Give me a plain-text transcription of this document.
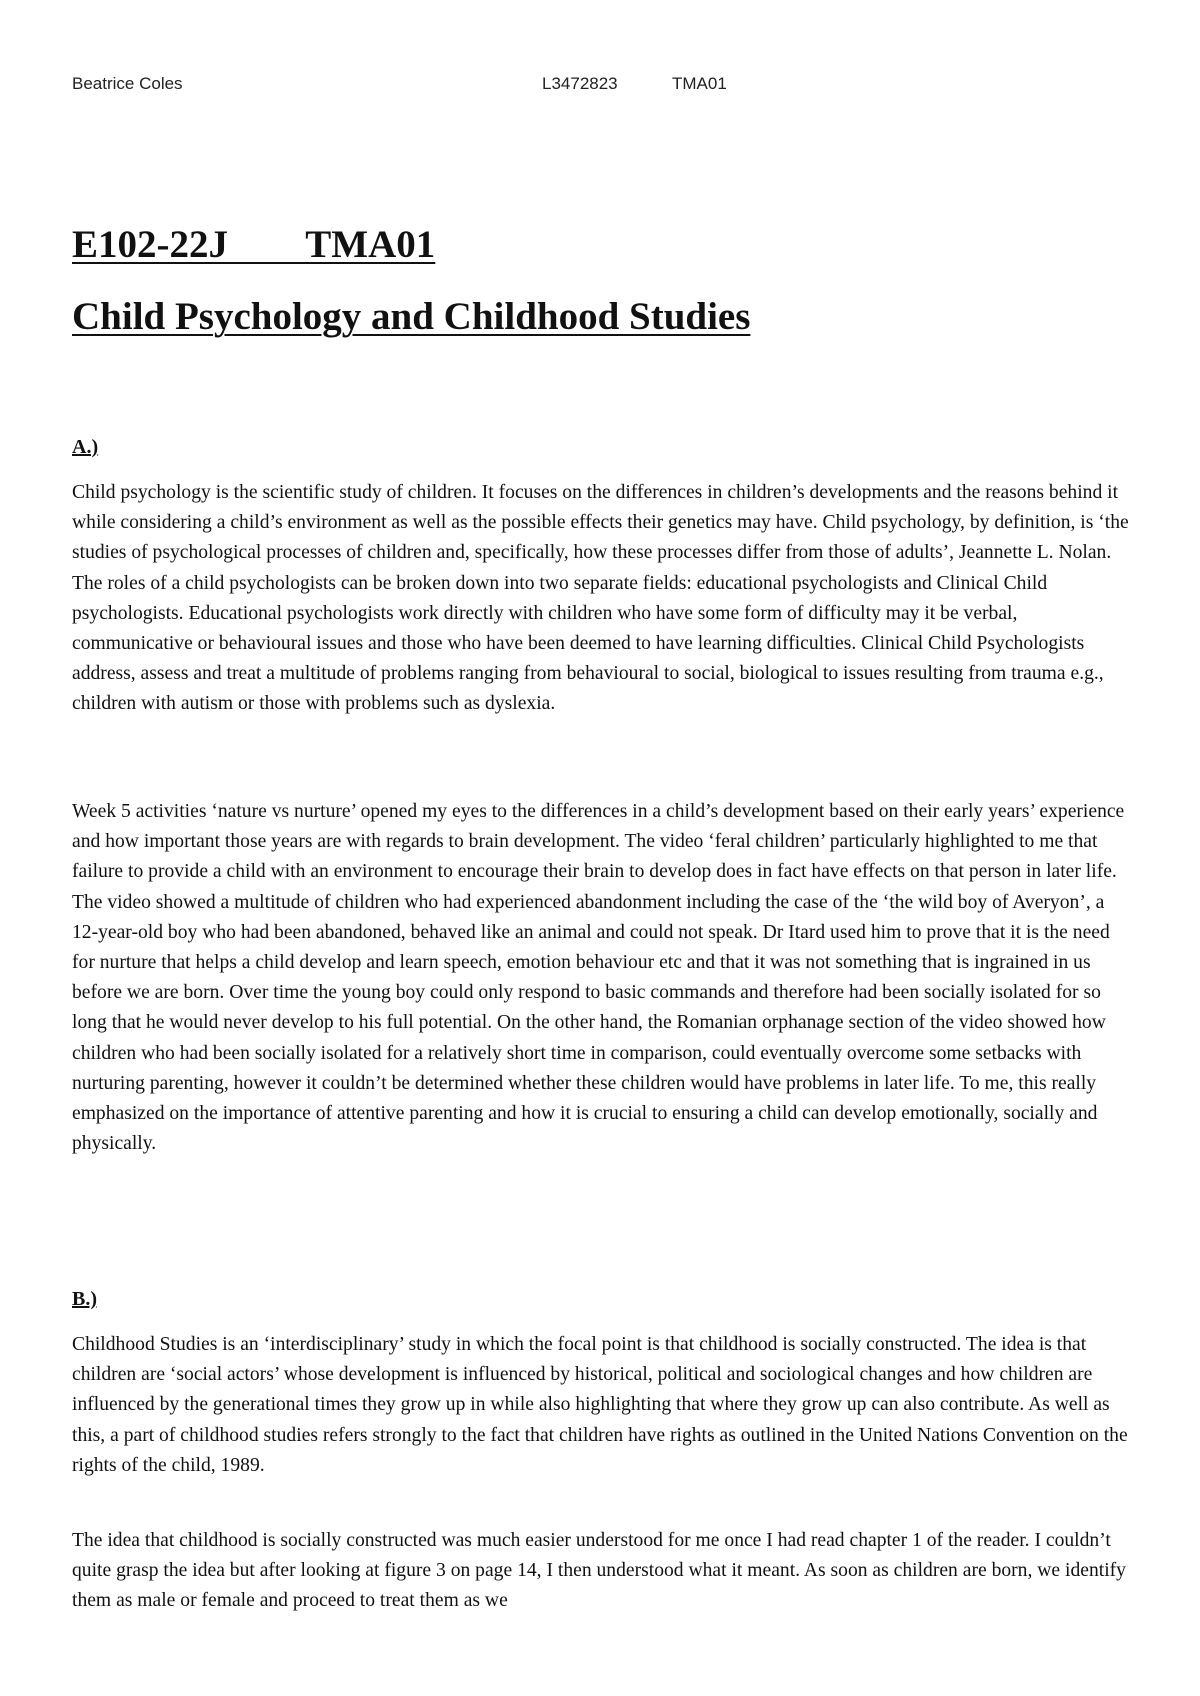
Beatrice Coles	L3472823	TMA01
E102-22J        TMA01
Child Psychology and Childhood Studies
A.)

Child psychology is the scientific study of children. It focuses on the differences in children’s developments and the reasons behind it while considering a child’s environment as well as the possible effects their genetics may have. Child psychology, by definition, is ‘the studies of psychological processes of children and, specifically, how these processes differ from those of adults’, Jeannette L. Nolan. The roles of a child psychologists can be broken down into two separate fields: educational psychologists and Clinical Child psychologists. Educational psychologists work directly with children who have some form of difficulty may it be verbal, communicative or behavioural issues and those who have been deemed to have learning difficulties. Clinical Child Psychologists address, assess and treat a multitude of problems ranging from behavioural to social, biological to issues resulting from trauma e.g., children with autism or those with problems such as dyslexia.

Week 5 activities ‘nature vs nurture’ opened my eyes to the differences in a child’s development based on their early years’ experience and how important those years are with regards to brain development. The video ‘feral children’ particularly highlighted to me that failure to provide a child with an environment to encourage their brain to develop does in fact have effects on that person in later life. The video showed a multitude of children who had experienced abandonment including the case of the ‘the wild boy of Averyon’, a 12-year-old boy who had been abandoned, behaved like an animal and could not speak. Dr Itard used him to prove that it is the need for nurture that helps a child develop and learn speech, emotion behaviour etc and that it was not something that is ingrained in us before we are born. Over time the young boy could only respond to basic commands and therefore had been socially isolated for so long that he would never develop to his full potential. On the other hand, the Romanian orphanage section of the video showed how children who had been socially isolated for a relatively short time in comparison, could eventually overcome some setbacks with nurturing parenting, however it couldn’t be determined whether these children would have problems in later life. To me, this really emphasized on the importance of attentive parenting and how it is crucial to ensuring a child can develop emotionally, socially and physically.

B.)

Childhood Studies is an ‘interdisciplinary’ study in which the focal point is that childhood is socially constructed. The idea is that children are ‘social actors’ whose development is influenced by historical, political and sociological changes and how children are influenced by the generational times they grow up in while also highlighting that where they grow up can also contribute. As well as this, a part of childhood studies refers strongly to the fact that children have rights as outlined in the United Nations Convention on the rights of the child, 1989.

The idea that childhood is socially constructed was much easier understood for me once I had read chapter 1 of the reader. I couldn’t quite grasp the idea but after looking at figure 3 on page 14, I then understood what it meant. As soon as children are born, we identify them as male or female and proceed to treat them as we
